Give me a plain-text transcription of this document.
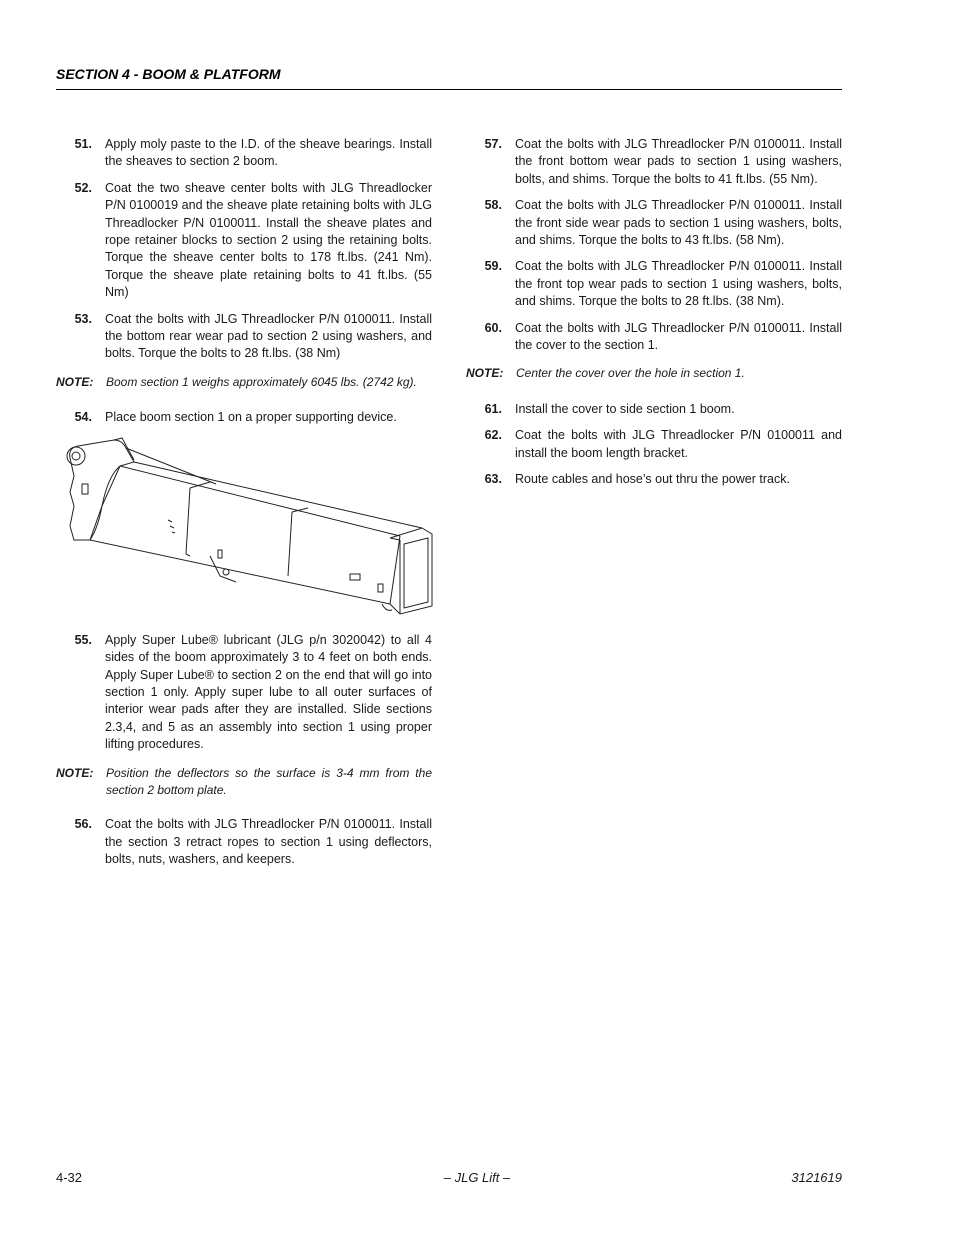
SECTION 4 - BOOM & PLATFORM
51. Apply moly paste to the I.D. of the sheave bearings. Install the sheaves to section 2 boom.
52. Coat the two sheave center bolts with JLG Threadlocker P/N 0100019 and the sheave plate retaining bolts with JLG Threadlocker P/N 0100011. Install the sheave plates and rope retainer blocks to section 2 using the retaining bolts. Torque the sheave center bolts to 178 ft.lbs. (241 Nm). Torque the sheave plate retaining bolts to 41 ft.lbs. (55 Nm)
53. Coat the bolts with JLG Threadlocker P/N 0100011. Install the bottom rear wear pad to section 2 using washers, and bolts. Torque the bolts to 28 ft.lbs. (38 Nm)
NOTE: Boom section 1 weighs approximately 6045 lbs. (2742 kg).
54. Place boom section 1 on a proper supporting device.
55. Apply Super Lube® lubricant (JLG p/n 3020042) to all 4 sides of the boom approximately 3 to 4 feet on both ends. Apply Super Lube® to section 2 on the end that will go into section 1 only. Apply super lube to all outer surfaces of interior wear pads after they are installed. Slide sections 2.3,4, and 5 as an assembly into section 1 using proper lifting procedures.
NOTE: Position the deflectors so the surface is 3-4 mm from the section 2 bottom plate.
56. Coat the bolts with JLG Threadlocker P/N 0100011. Install the section 3 retract ropes to section 1 using deflectors, bolts, nuts, washers, and keepers.
57. Coat the bolts with JLG Threadlocker P/N 0100011. Install the front bottom wear pads to section 1 using washers, bolts, and shims. Torque the bolts to 41 ft.lbs. (55 Nm).
58. Coat the bolts with JLG Threadlocker P/N 0100011. Install the front side wear pads to section 1 using washers, bolts, and shims. Torque the bolts to 43 ft.lbs. (58 Nm).
59. Coat the bolts with JLG Threadlocker P/N 0100011. Install the front top wear pads to section 1 using washers, bolts, and shims. Torque the bolts to 28 ft.lbs. (38 Nm).
60. Coat the bolts with JLG Threadlocker P/N 0100011. Install the cover to the section 1.
NOTE: Center the cover over the hole in section 1.
61. Install the cover to side section 1 boom.
62. Coat the bolts with JLG Threadlocker P/N 0100011 and install the boom length bracket.
63. Route cables and hose’s out thru the power track.
– JLG Lift –
4-32	3121619
